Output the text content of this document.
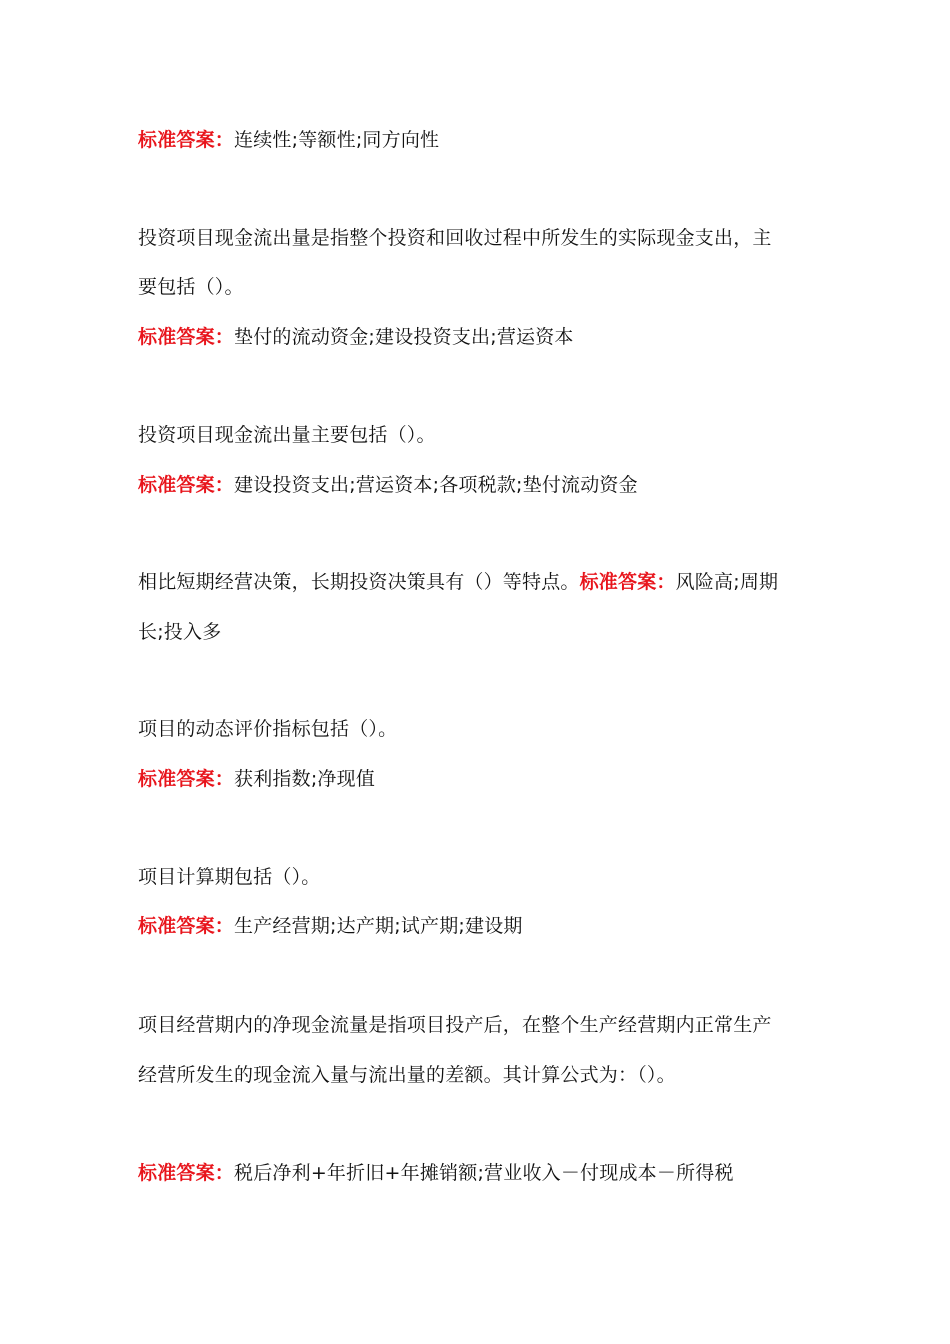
标准答案：连续性;等额性;同方向性
投资项目现金流出量是指整个投资和回收过程中所发生的实际现金支出，主
要包括（）。
标准答案：垫付的流动资金;建设投资支出;营运资本
投资项目现金流出量主要包括（）。
标准答案：建设投资支出;营运资本;各项税款;垫付流动资金
相比短期经营决策，长期投资决策具有（）等特点。标准答案：风险高;周期
长;投入多
项目的动态评价指标包括（）。
标准答案：获利指数;净现值
项目计算期包括（）。
标准答案：生产经营期;达产期;试产期;建设期
项目经营期内的净现金流量是指项目投产后，在整个生产经营期内正常生产
经营所发生的现金流入量与流出量的差额。其计算公式为：（）。
标准答案：税后净利+年折旧+年摊销额;营业收入－付现成本－所得税
